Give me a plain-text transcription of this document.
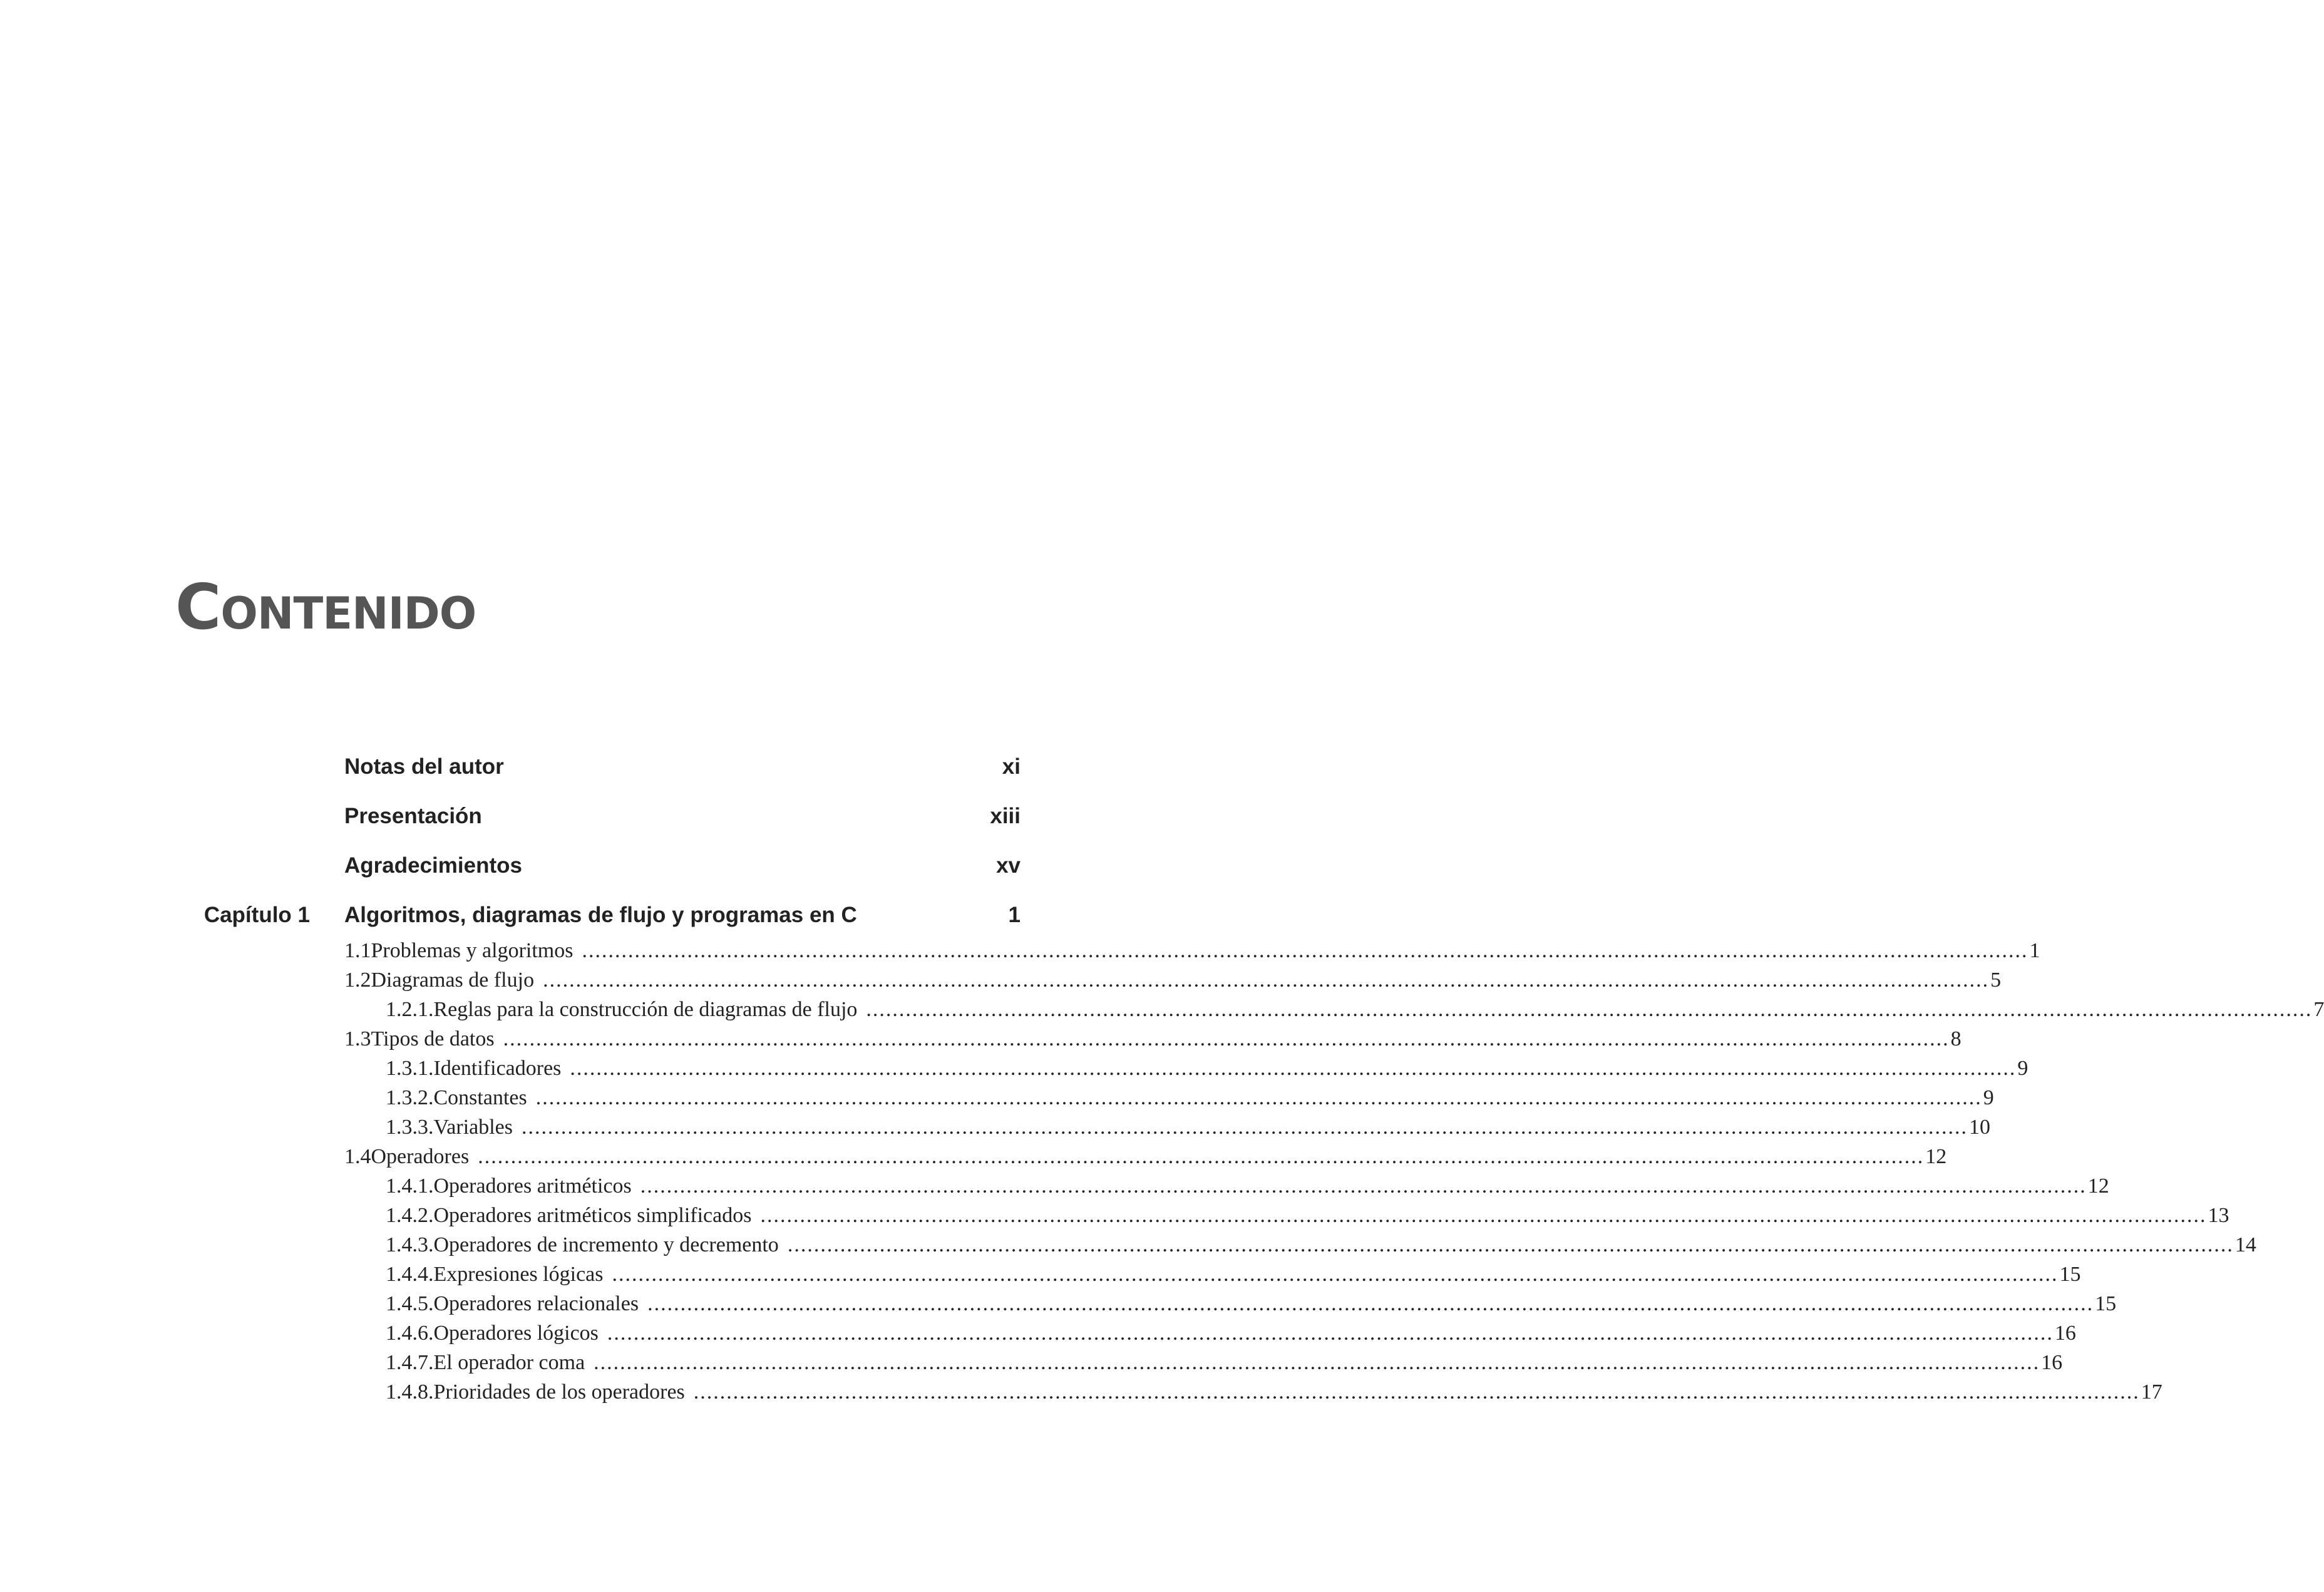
Contenido
Notas del autor	xi
Presentación	xiii
Agradecimientos	xv
Capítulo 1 Algoritmos, diagramas de flujo y programas en C	1
1.1 Problemas y algoritmos ............................................................................................................................................................................................................................ 1
1.2 Diagramas de flujo ............................................................................................................................................................................................................................ 5
1.2.1. Reglas para la construcción de diagramas de flujo ............................................................................................................................................................................................................................ 7
1.3 Tipos de datos ............................................................................................................................................................................................................................ 8
1.3.1. Identificadores ............................................................................................................................................................................................................................ 9
1.3.2. Constantes ............................................................................................................................................................................................................................ 9
1.3.3. Variables ............................................................................................................................................................................................................................ 10
1.4 Operadores ............................................................................................................................................................................................................................ 12
1.4.1. Operadores aritméticos ............................................................................................................................................................................................................................ 12
1.4.2. Operadores aritméticos simplificados ............................................................................................................................................................................................................................ 13
1.4.3. Operadores de incremento y decremento ............................................................................................................................................................................................................................ 14
1.4.4. Expresiones lógicas ............................................................................................................................................................................................................................ 15
1.4.5. Operadores relacionales ............................................................................................................................................................................................................................ 15
1.4.6. Operadores lógicos ............................................................................................................................................................................................................................ 16
1.4.7. El operador coma ............................................................................................................................................................................................................................ 16
1.4.8. Prioridades de los operadores ............................................................................................................................................................................................................................ 17
